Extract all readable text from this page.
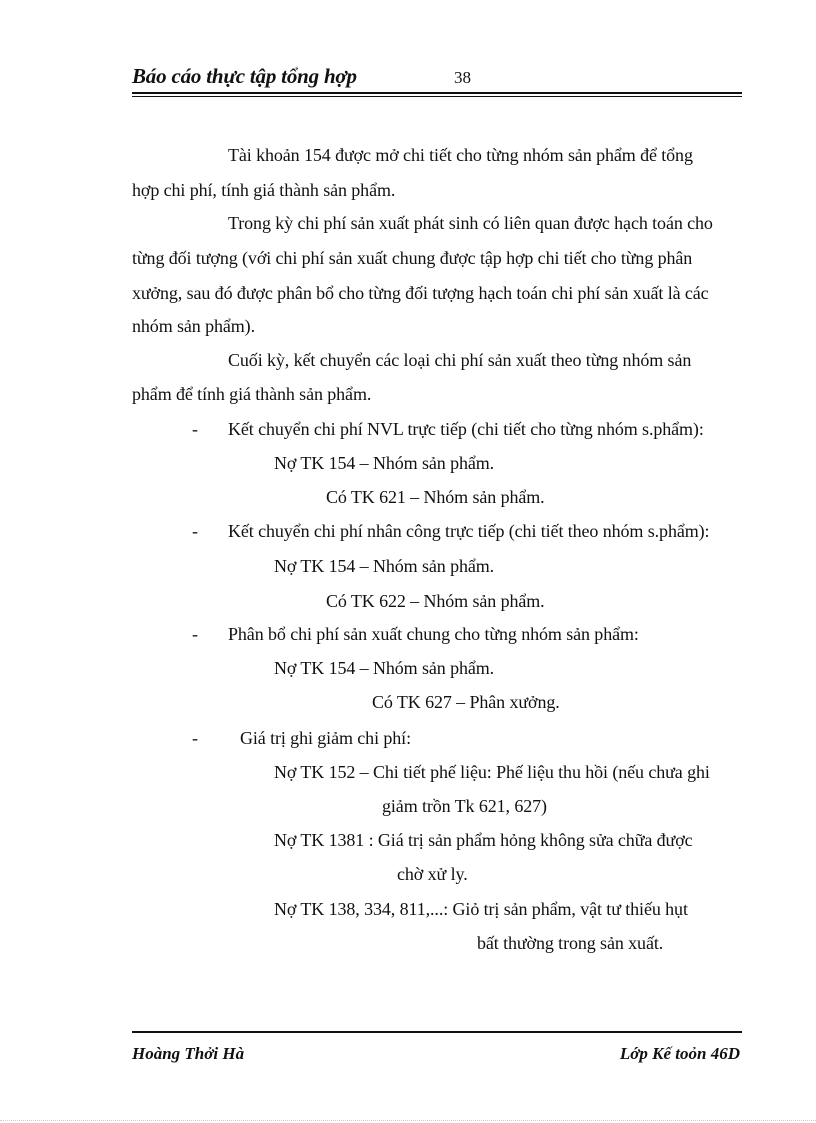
Báo cáo thực tập tổng hợp	38
Tài khoản 154 được mở chi tiết cho từng nhóm sản phẩm để tổng
hợp chi phí, tính giá thành sản phẩm.
Trong kỳ chi phí sản xuất phát sinh có liên quan được hạch toán cho
từng đối tượng (với chi phí sản xuất chung được tập hợp chi tiết cho từng phân
xưởng, sau đó được phân bổ cho từng đối tượng hạch toán chi phí sản xuất là các
nhóm sản phẩm).
Cuối kỳ, kết chuyển các loại chi phí sản xuất theo từng nhóm sản
phẩm để tính giá thành sản phẩm.
- Kết chuyển chi phí NVL trực tiếp (chi tiết cho từng nhóm s.phẩm):
Nợ TK 154 – Nhóm sản phẩm.
Có TK 621 – Nhóm sản phẩm.
- Kết chuyển chi phí nhân công trực tiếp (chi tiết theo nhóm s.phẩm):
Nợ TK 154 – Nhóm sản phẩm.
Có TK 622 – Nhóm sản phẩm.
- Phân bổ chi phí sản xuất chung cho từng nhóm sản phẩm:
Nợ TK 154 – Nhóm sản phẩm.
Có TK 627 – Phân xưởng.
- Giá trị ghi giảm chi phí:
Nợ TK 152 – Chi tiết phế liệu: Phế liệu thu hồi (nếu chưa ghi
giảm trồn Tk 621, 627)
Nợ TK 1381 : Giá trị sản phẩm hỏng không sửa chữa được
chờ xử ly.
Nợ TK 138, 334, 811,...: Giỏ trị sản phẩm, vật tư thiếu hụt
bất thường trong sản xuất.
Hoàng Thởi Hà	Lớp Kế toỏn 46D
